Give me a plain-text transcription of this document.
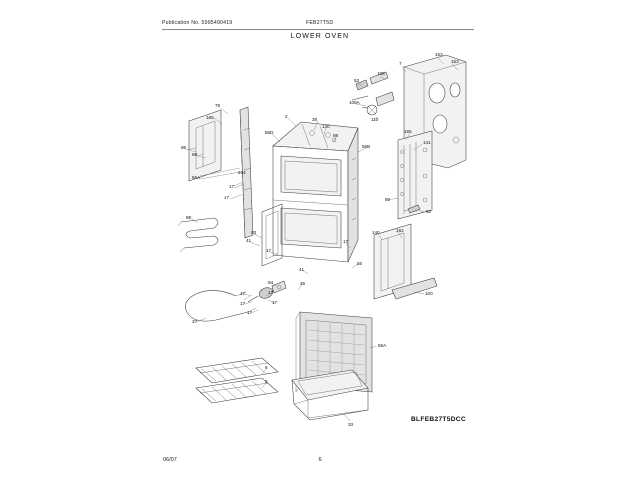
Publication No. 5995490419	FEB27T5D
LOWER OVEN
163
163
7
53
108
108A
110
165
79
2
56D
38
130
141
165
98
56B
98
89
56A
17
264
17	80
92
140	162
8E
93
41
17
17
56
41
94	36
17	17
17
17
17
100
37
56A
6
2
33
BLFEB27T5DCC
06/07	6
